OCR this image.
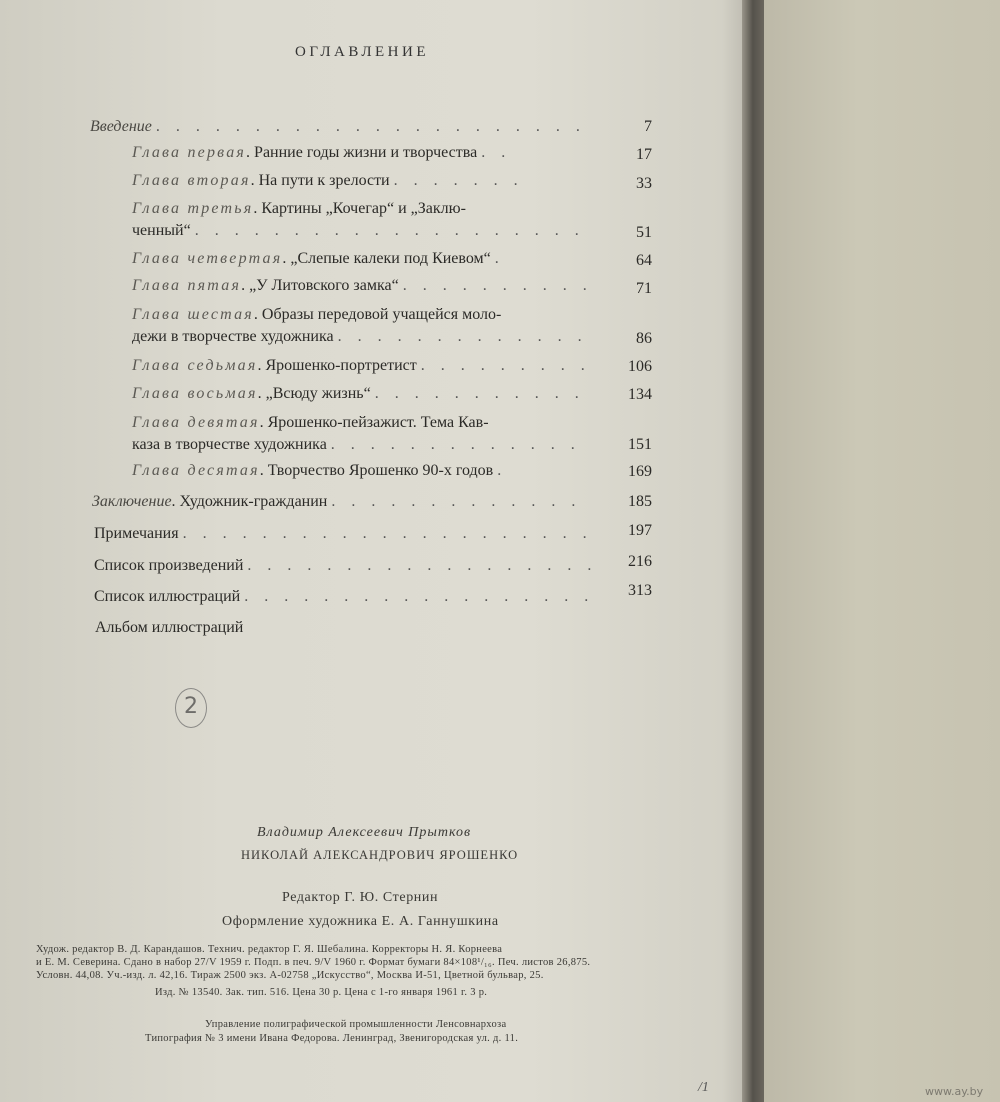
ОГЛАВЛЕНИЕ
Введение . . . . . . . . . . . . . . . . . . . . . .	7
Глава первая. Ранние годы жизни и творчества . .	17
Глава вторая. На пути к зрелости . . . . . . .	33
Глава третья. Картины „Кочегар“ и „Заклю-
ченный“ . . . . . . . . . . . . . . . . . . . .	51
Глава четвертая. „Слепые калеки под Киевом“ .	64
Глава пятая. „У Литовского замка“ . . . . . . . . . .	71
Глава шестая. Образы передовой учащейся моло-
дежи в творчестве художника . . . . . . . . . . . . .	86
Глава седьмая. Ярошенко-портретист . . . . . . . . .	106
Глава восьмая. „Всюду жизнь“ . . . . . . . . . . .	134
Глава девятая. Ярошенко-пейзажист. Тема Кав-
каза в творчестве художника . . . . . . . . . . . . .	151
Глава десятая. Творчество Ярошенко 90-х годов .	169
Заключение. Художник-гражданин . . . . . . . . . . . . .	185
Примечания . . . . . . . . . . . . . . . . . . . . .	197
Список произведений . . . . . . . . . . . . . . . . . .	216
Список иллюстраций . . . . . . . . . . . . . . . . . .	313
Альбом иллюстраций
2
Владимир Алексеевич Прытков
НИКОЛАЙ АЛЕКСАНДРОВИЧ ЯРОШЕНКО
Редактор Г. Ю. Стернин
Оформление художника Е. А. Ганнушкина
Худож. редактор В. Д. Карандашов. Технич. редактор Г. Я. Шебалина. Корректоры Н. Я. Корнеева
и Е. М. Северина. Сдано в набор 27/V 1959 г. Подп. в печ. 9/V 1960 г. Формат бумаги 84×108¹/₁₆. Печ. листов 26,875.
Условн. 44,08. Уч.-изд. л. 42,16. Тираж 2500 экз. А-02758 „Искусство“, Москва И-51, Цветной бульвар, 25.
Изд. № 13540. Зак. тип. 516. Цена 30 р. Цена с 1-го января 1961 г. 3 р.
Управление полиграфической промышленности Ленсовнархоза
Типография № 3 имени Ивана Федорова. Ленинград, Звенигородская ул. д. 11.
/1	www.ay.by
